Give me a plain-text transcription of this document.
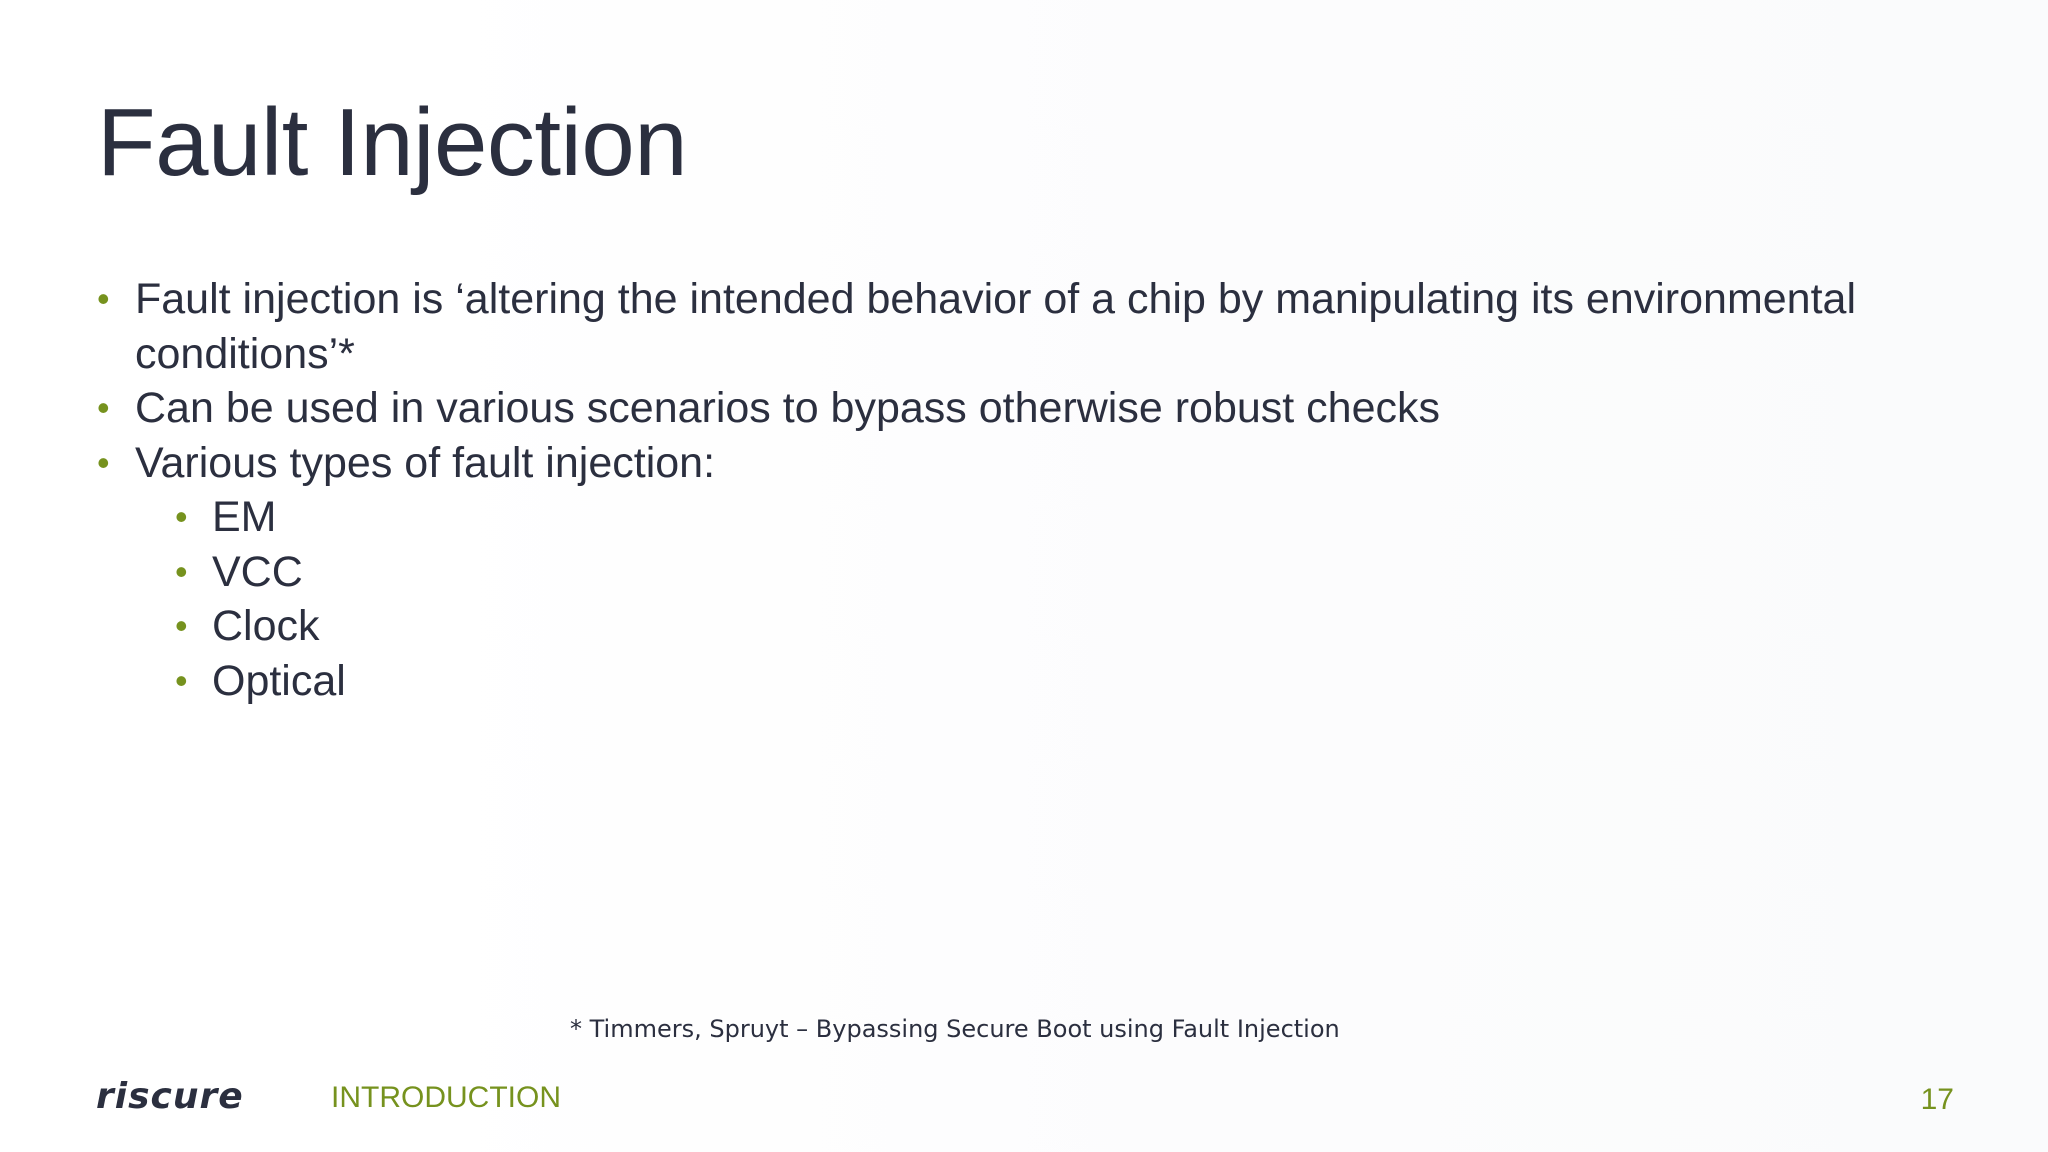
Fault Injection
• Fault injection is ‘altering the intended behavior of a chip by manipulating its environmental conditions’*
• Can be used in various scenarios to bypass otherwise robust checks
• Various types of fault injection:
• EM
• VCC
• Clock
• Optical
* Timmers, Spruyt – Bypassing Secure Boot using Fault Injection
riscure	INTRODUCTION	17
